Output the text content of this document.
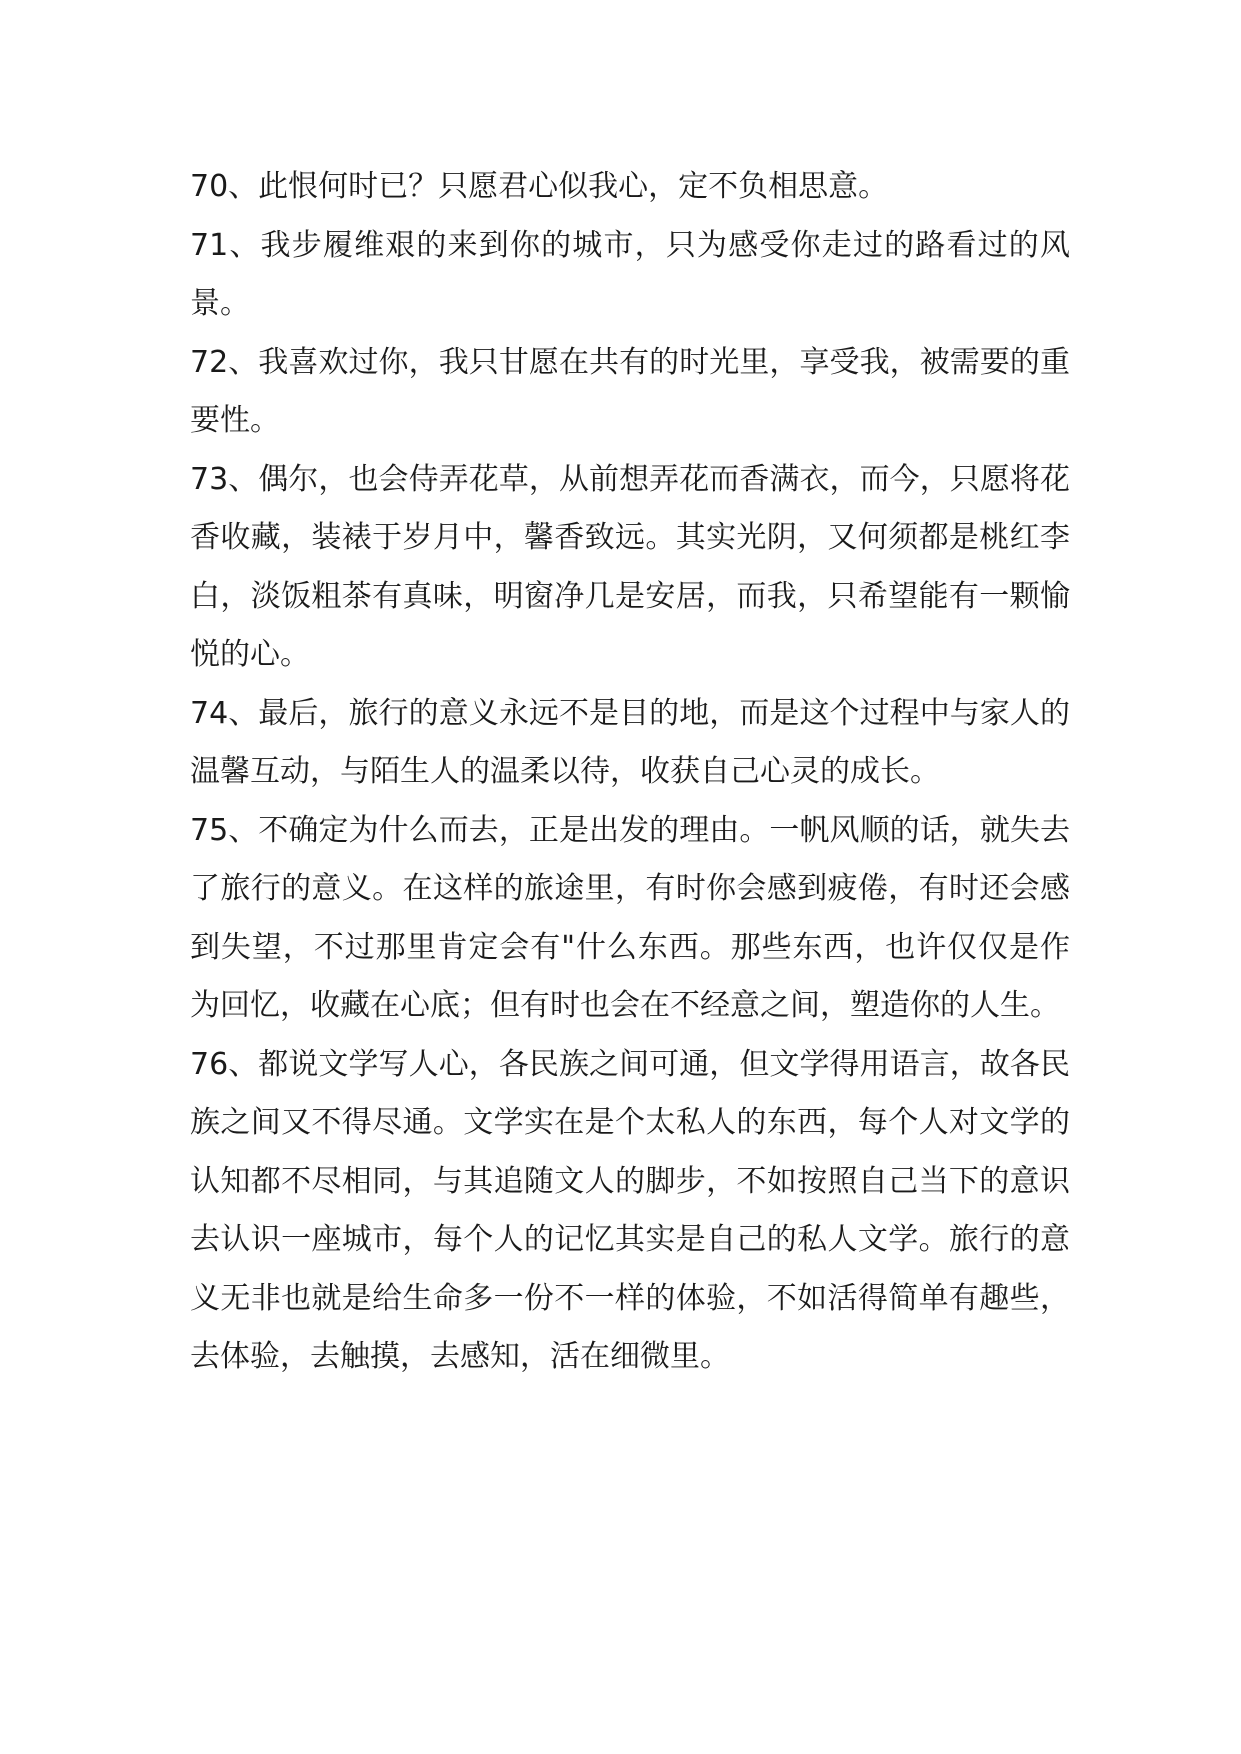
70、此恨何时已？只愿君心似我心，定不负相思意。

71、我步履维艰的来到你的城市，只为感受你走过的路看过的风景。

72、我喜欢过你，我只甘愿在共有的时光里，享受我，被需要的重要性。

73、偶尔，也会侍弄花草，从前想弄花而香满衣，而今，只愿将花香收藏，装裱于岁月中，馨香致远。其实光阴，又何须都是桃红李白，淡饭粗茶有真味，明窗净几是安居，而我，只希望能有一颗愉悦的心。

74、最后，旅行的意义永远不是目的地，而是这个过程中与家人的温馨互动，与陌生人的温柔以待，收获自己心灵的成长。

75、不确定为什么而去，正是出发的理由。一帆风顺的话，就失去了旅行的意义。在这样的旅途里，有时你会感到疲倦，有时还会感到失望，不过那里肯定会有"什么东西。那些东西，也许仅仅是作为回忆，收藏在心底；但有时也会在不经意之间，塑造你的人生。

76、都说文学写人心，各民族之间可通，但文学得用语言，故各民族之间又不得尽通。文学实在是个太私人的东西，每个人对文学的认知都不尽相同，与其追随文人的脚步，不如按照自己当下的意识去认识一座城市，每个人的记忆其实是自己的私人文学。旅行的意义无非也就是给生命多一份不一样的体验，不如活得简单有趣些，去体验，去触摸，去感知，活在细微里。
